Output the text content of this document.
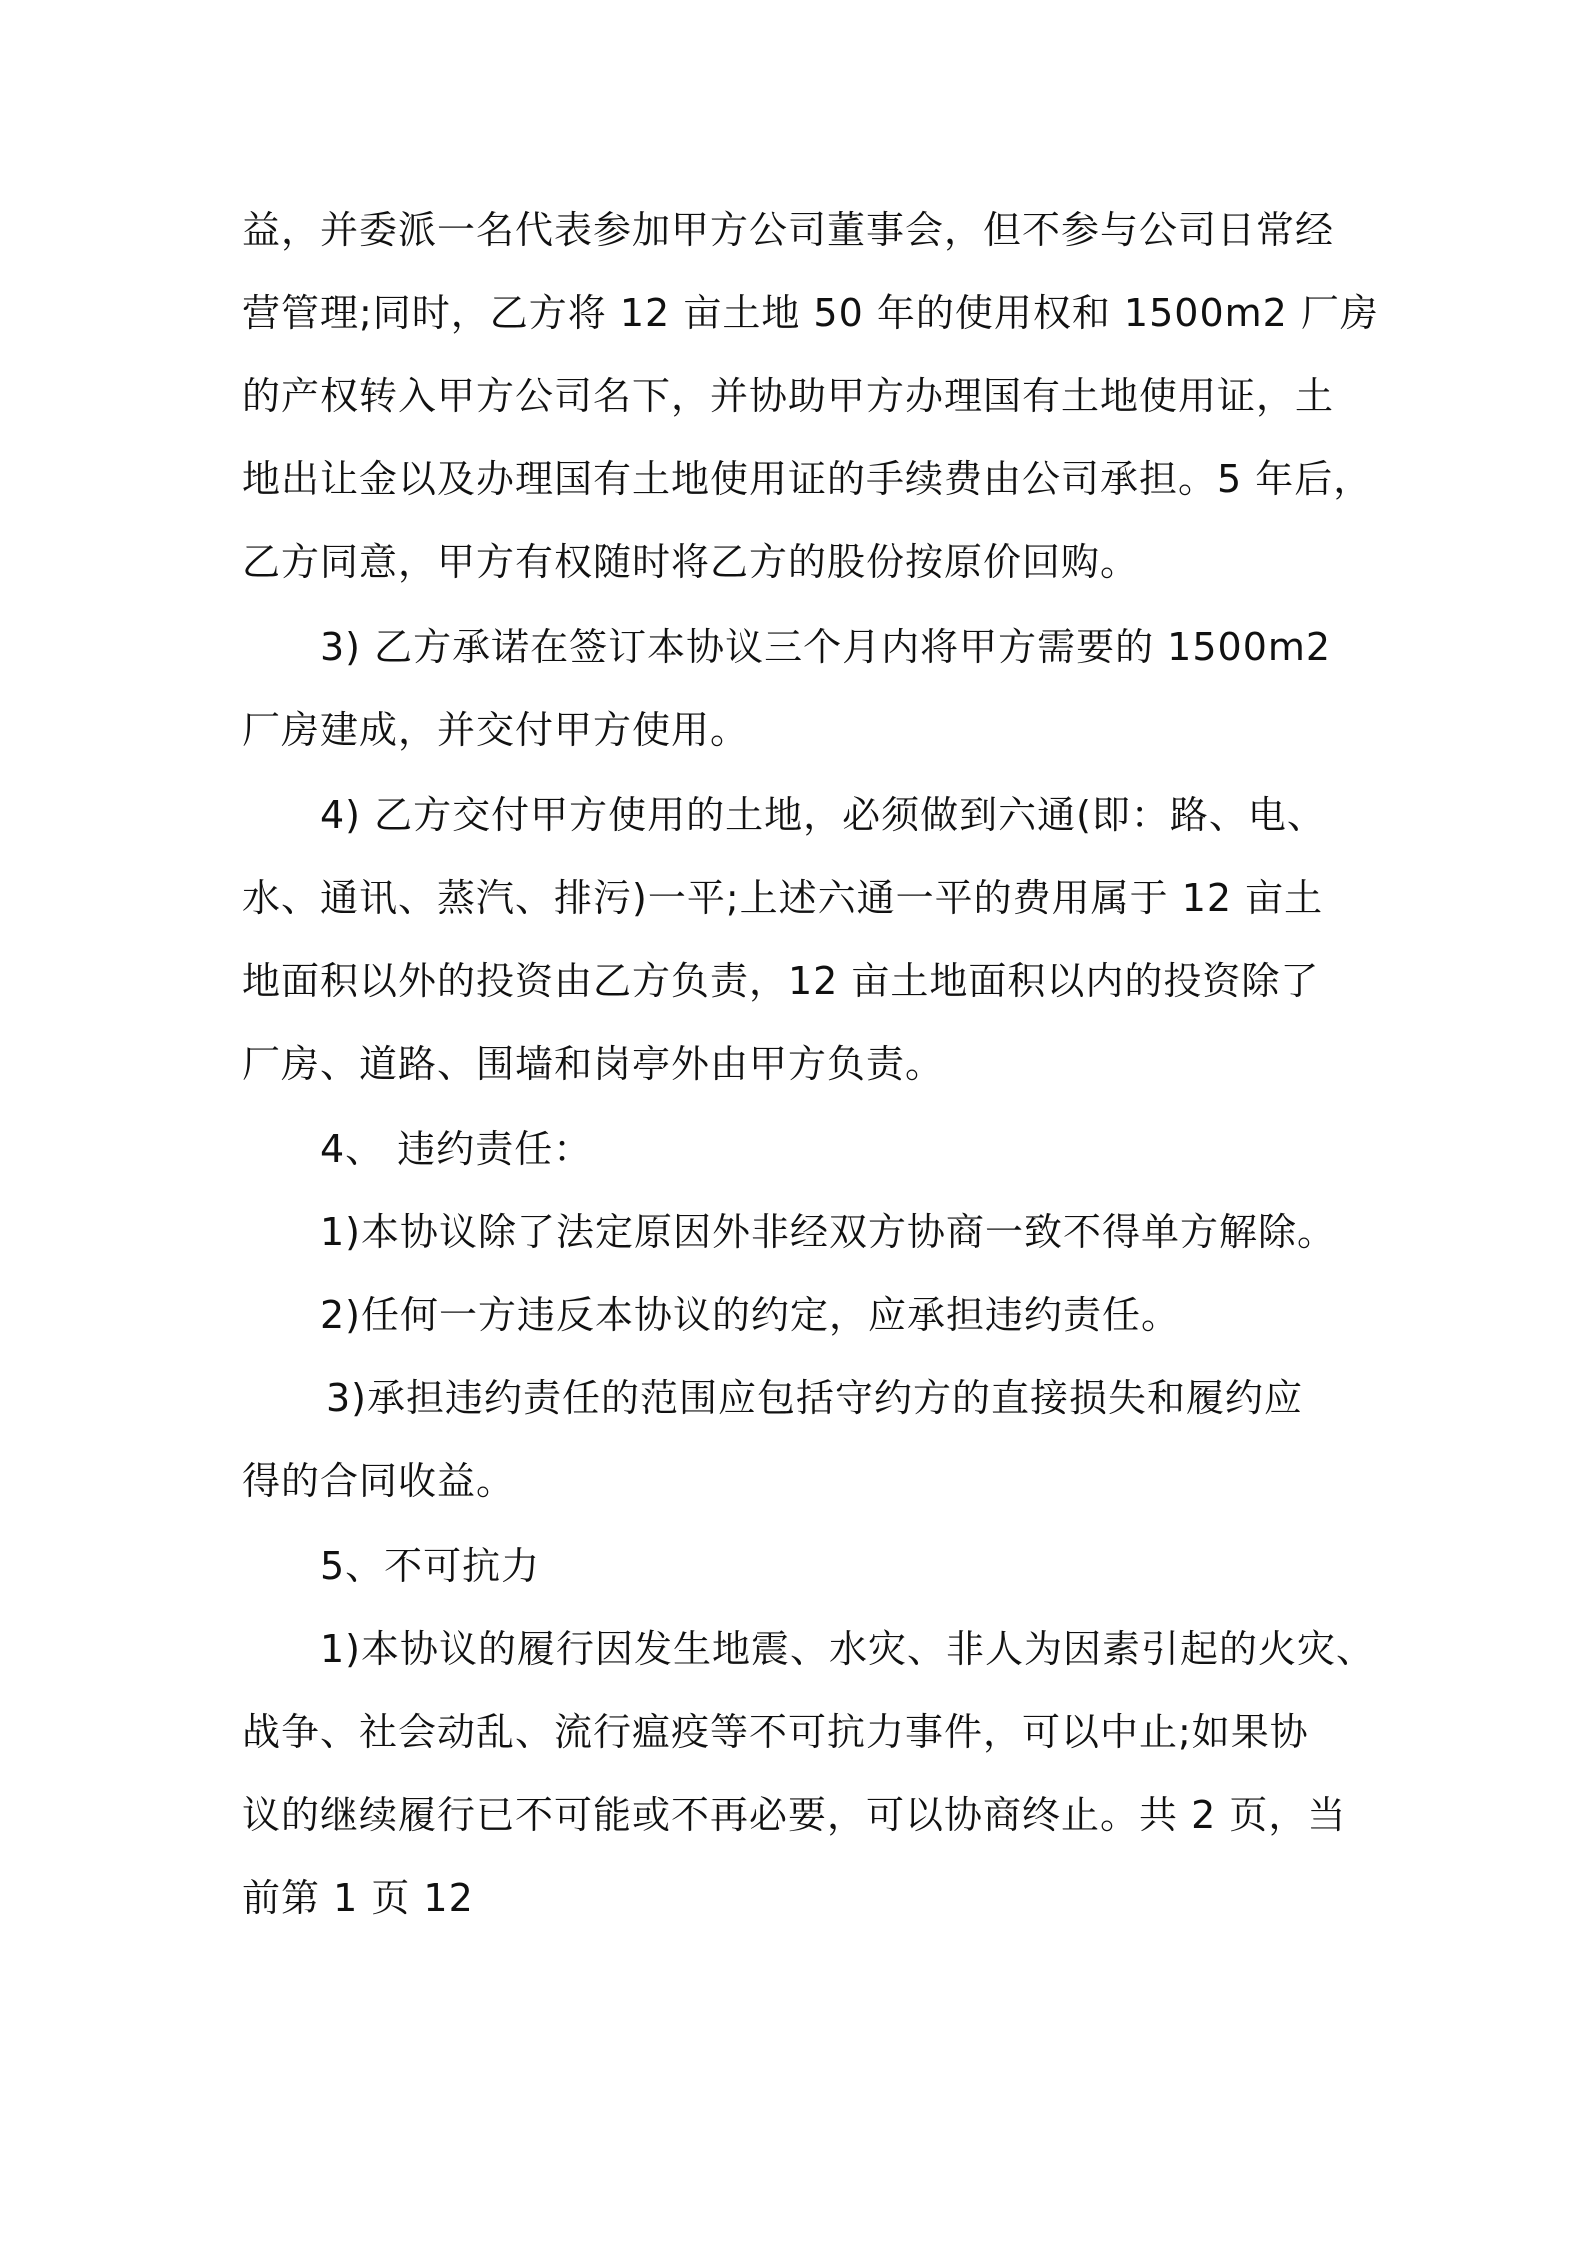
益，并委派一名代表参加甲方公司董事会，但不参与公司日常经
营管理;同时，乙方将 12 亩土地 50 年的使用权和 1500m2 厂房
的产权转入甲方公司名下，并协助甲方办理国有土地使用证，土
地出让金以及办理国有土地使用证的手续费由公司承担。5 年后，
乙方同意，甲方有权随时将乙方的股份按原价回购。
3) 乙方承诺在签订本协议三个月内将甲方需要的 1500m2
厂房建成，并交付甲方使用。
4) 乙方交付甲方使用的土地，必须做到六通(即：路、电、
水、通讯、蒸汽、排污)一平;上述六通一平的费用属于 12 亩土
地面积以外的投资由乙方负责，12 亩土地面积以内的投资除了
厂房、道路、围墙和岗亭外由甲方负责。
4、 违约责任：
1)本协议除了法定原因外非经双方协商一致不得单方解除。
2)任何一方违反本协议的约定，应承担违约责任。
3)承担违约责任的范围应包括守约方的直接损失和履约应
得的合同收益。
5、不可抗力
1)本协议的履行因发生地震、水灾、非人为因素引起的火灾、
战争、社会动乱、流行瘟疫等不可抗力事件，可以中止;如果协
议的继续履行已不可能或不再必要，可以协商终止。共 2 页，当
前第 1 页 12
